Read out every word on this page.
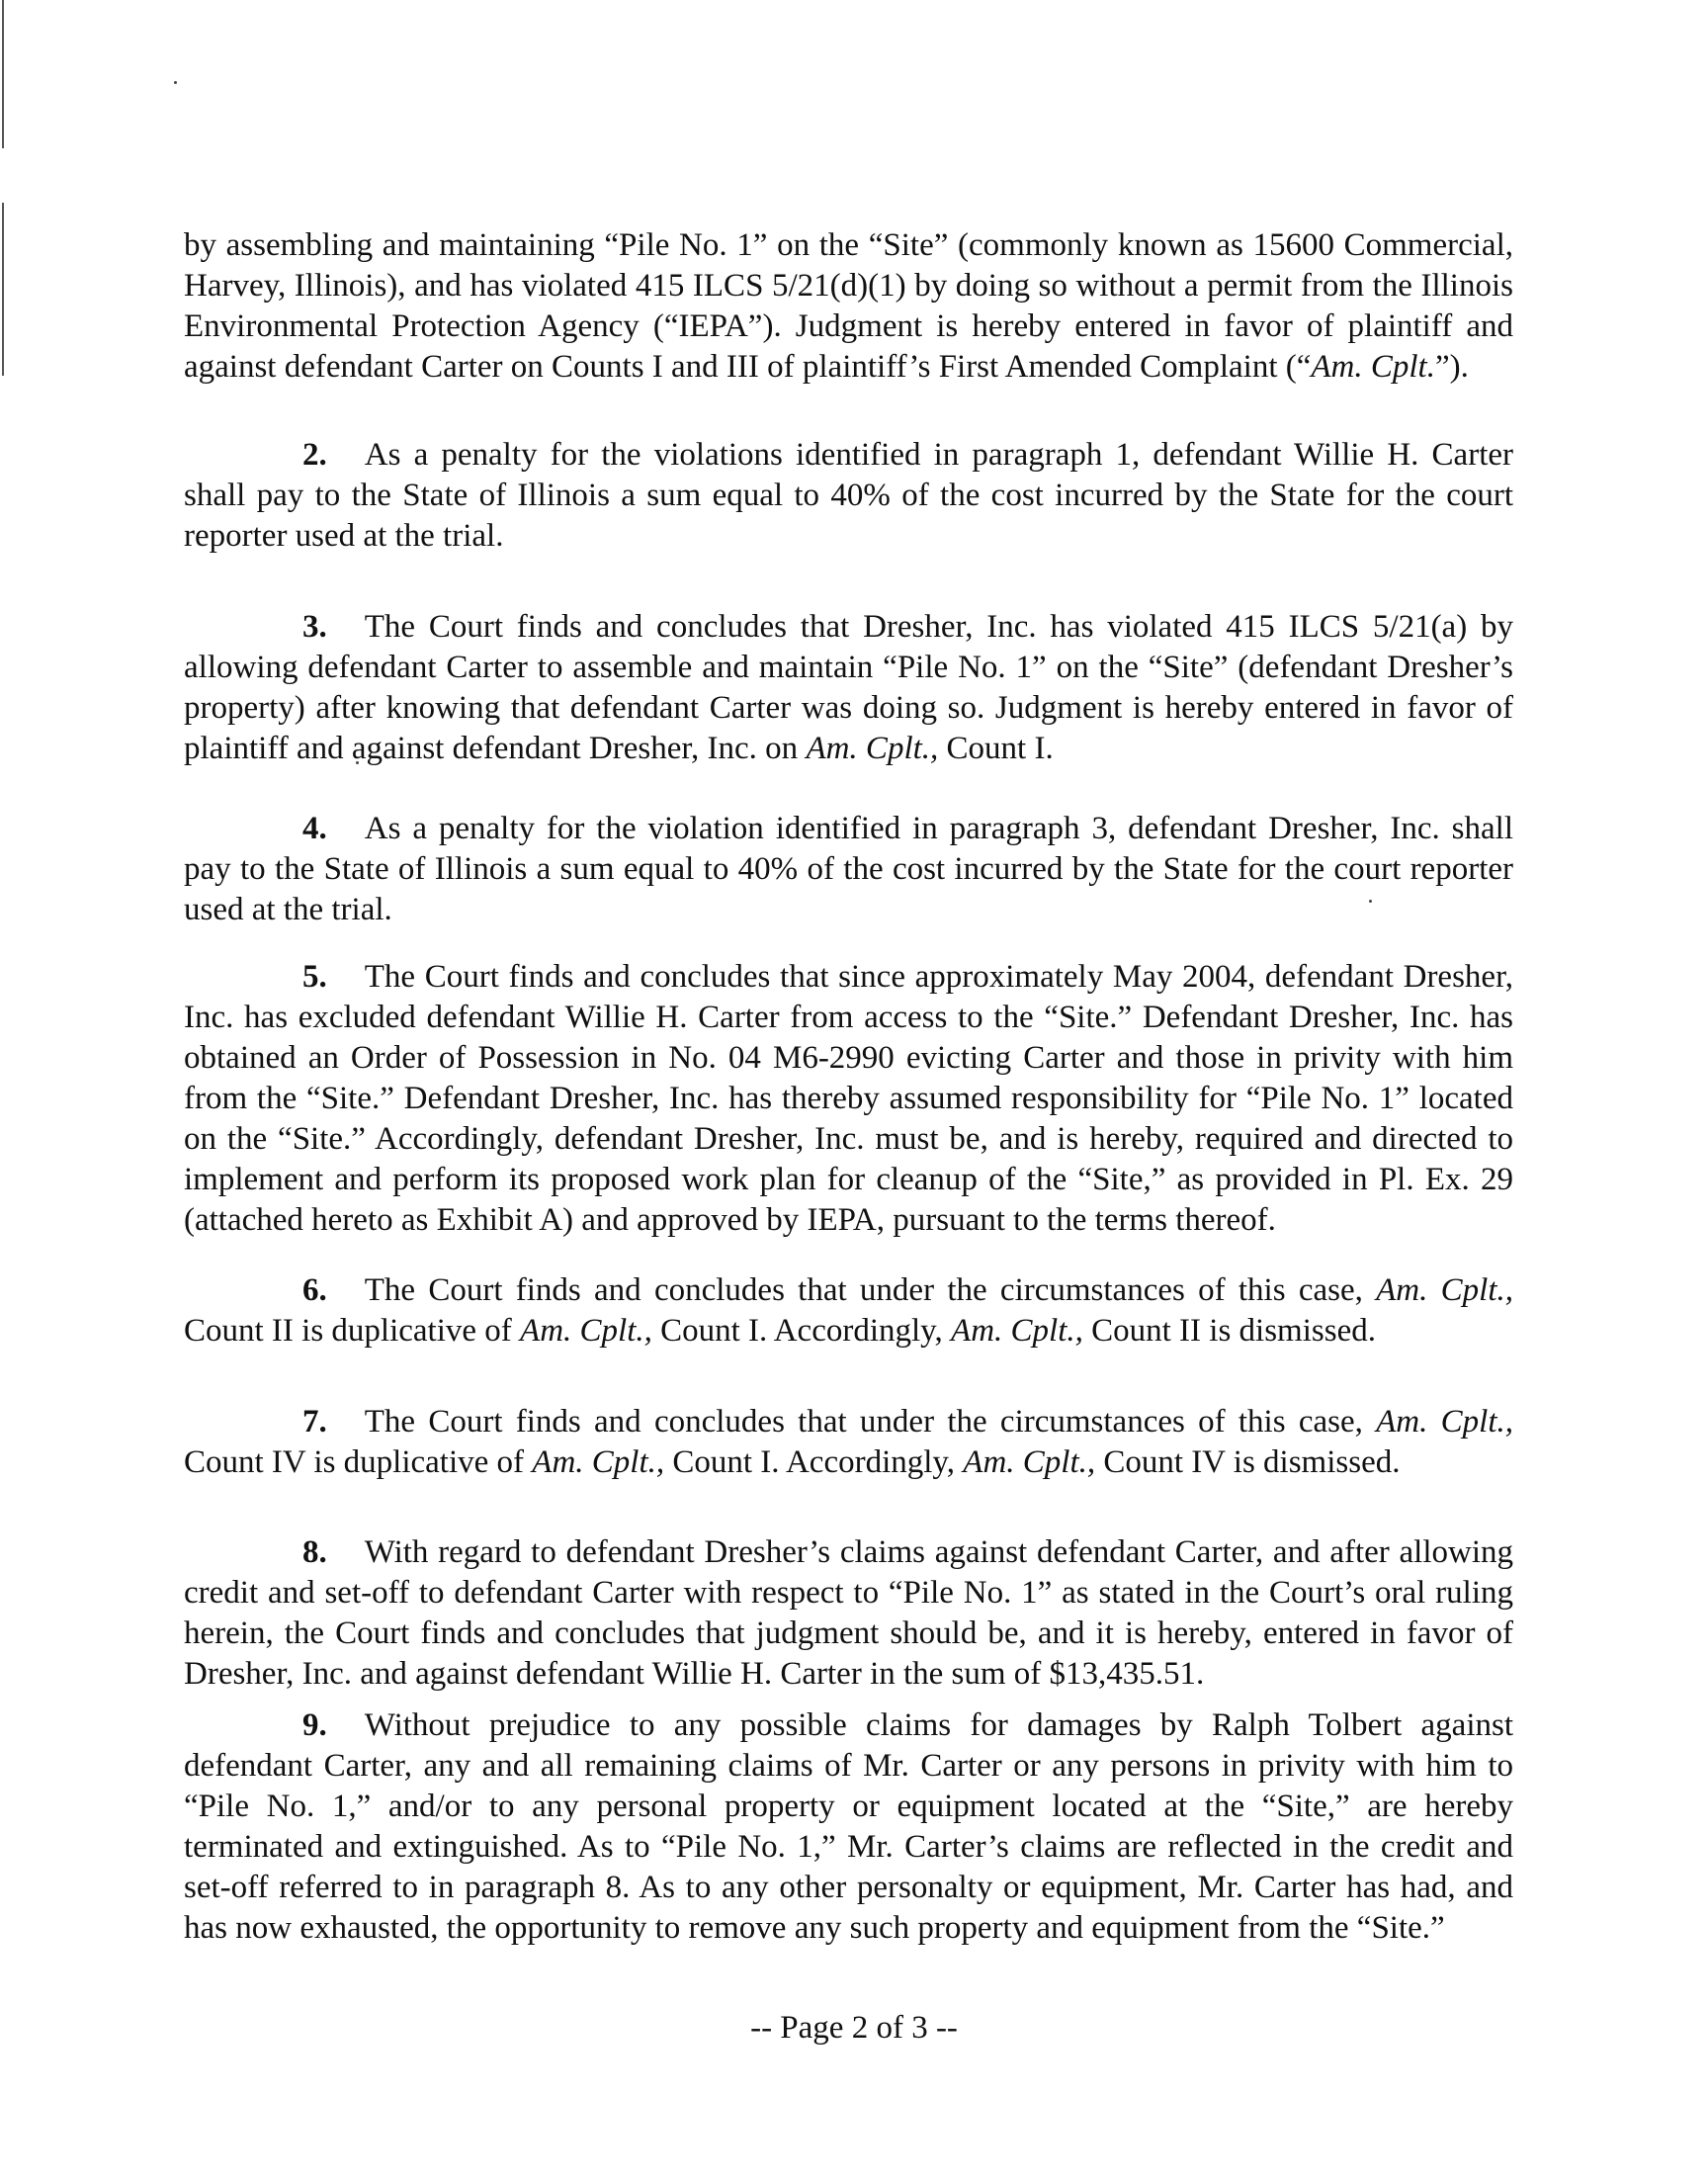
by assembling and maintaining “Pile No. 1” on the “Site” (commonly known as 15600 Commercial, Harvey, Illinois), and has violated 415 ILCS 5/21(d)(1) by doing so without a permit from the Illinois Environmental Protection Agency (“IEPA”). Judgment is hereby entered in favor of plaintiff and against defendant Carter on Counts I and III of plaintiff’s First Amended Complaint (“Am. Cplt.”).

2. As a penalty for the violations identified in paragraph 1, defendant Willie H. Carter shall pay to the State of Illinois a sum equal to 40% of the cost incurred by the State for the court reporter used at the trial.

3. The Court finds and concludes that Dresher, Inc. has violated 415 ILCS 5/21(a) by allowing defendant Carter to assemble and maintain “Pile No. 1” on the “Site” (defendant Dresher’s property) after knowing that defendant Carter was doing so. Judgment is hereby entered in favor of plaintiff and against defendant Dresher, Inc. on Am. Cplt., Count I.

4. As a penalty for the violation identified in paragraph 3, defendant Dresher, Inc. shall pay to the State of Illinois a sum equal to 40% of the cost incurred by the State for the court reporter used at the trial.

5. The Court finds and concludes that since approximately May 2004, defendant Dresher, Inc. has excluded defendant Willie H. Carter from access to the “Site.” Defendant Dresher, Inc. has obtained an Order of Possession in No. 04 M6-2990 evicting Carter and those in privity with him from the “Site.” Defendant Dresher, Inc. has thereby assumed responsibility for “Pile No. 1” located on the “Site.” Accordingly, defendant Dresher, Inc. must be, and is hereby, required and directed to implement and perform its proposed work plan for cleanup of the “Site,” as provided in Pl. Ex. 29 (attached hereto as Exhibit A) and approved by IEPA, pursuant to the terms thereof.

6. The Court finds and concludes that under the circumstances of this case, Am. Cplt., Count II is duplicative of Am. Cplt., Count I. Accordingly, Am. Cplt., Count II is dismissed.

7. The Court finds and concludes that under the circumstances of this case, Am. Cplt., Count IV is duplicative of Am. Cplt., Count I. Accordingly, Am. Cplt., Count IV is dismissed.

8. With regard to defendant Dresher’s claims against defendant Carter, and after allowing credit and set-off to defendant Carter with respect to “Pile No. 1” as stated in the Court’s oral ruling herein, the Court finds and concludes that judgment should be, and it is hereby, entered in favor of Dresher, Inc. and against defendant Willie H. Carter in the sum of $13,435.51.

9. Without prejudice to any possible claims for damages by Ralph Tolbert against defendant Carter, any and all remaining claims of Mr. Carter or any persons in privity with him to “Pile No. 1,” and/or to any personal property or equipment located at the “Site,” are hereby terminated and extinguished. As to “Pile No. 1,” Mr. Carter’s claims are reflected in the credit and set-off referred to in paragraph 8. As to any other personalty or equipment, Mr. Carter has had, and has now exhausted, the opportunity to remove any such property and equipment from the “Site.”

-- Page 2 of 3 --
